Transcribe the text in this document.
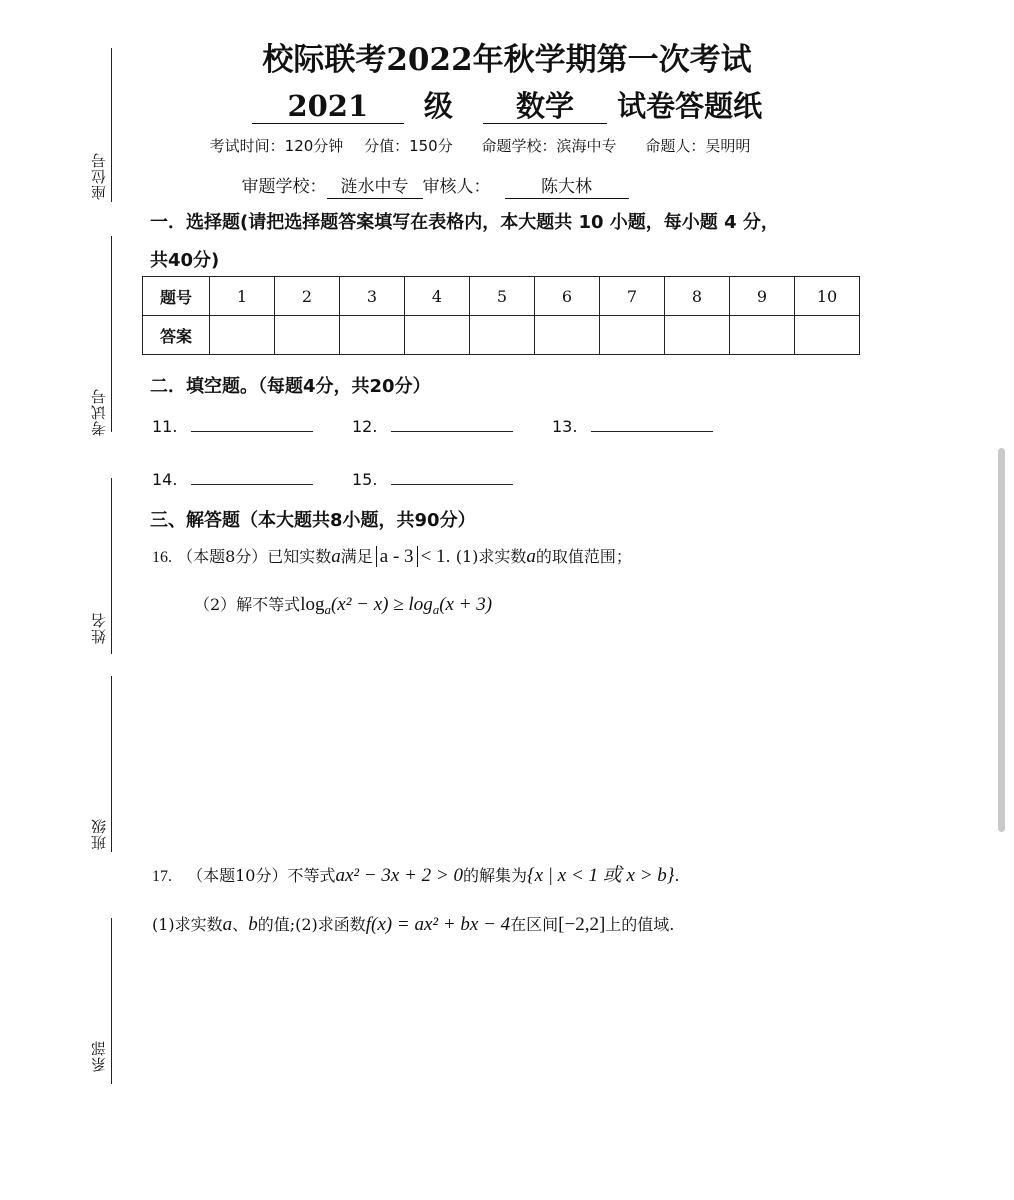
座位号
考试号
姓名
班级
系部
校际联考2022年秋学期第一次考试
2021 级 数学 试卷答题纸
考试时间：120分钟 分值：150分 命题学校：滨海中专 命题人：吴明明
审题学校： 涟水中专 审核人：	陈大林
一．选择题(请把选择题答案填写在表格内，本大题共 10 小题，每小题 4 分，
共40分)
题号	1	2	3	4	5	6	7	8	9	10
答案										
二．填空题。（每题4分，共20分）
11.	12.	13.
14.	15.
三、解答题（本大题共8小题，共90分）
16. （本题8分）已知实数a满足 a - 3 < 1. (1)求实数a的取值范围；
（2）解不等式$\log_a(x^2 - x) \ge \log_a(x + 3)$
17. （本题10分）不等式ax² − 3x + 2 > 0的解集为{x | x < 1 或 x > b}.
(1)求实数a、b的值;(2)求函数f(x) = ax² + bx − 4在区间[−2,2]上的值域.
